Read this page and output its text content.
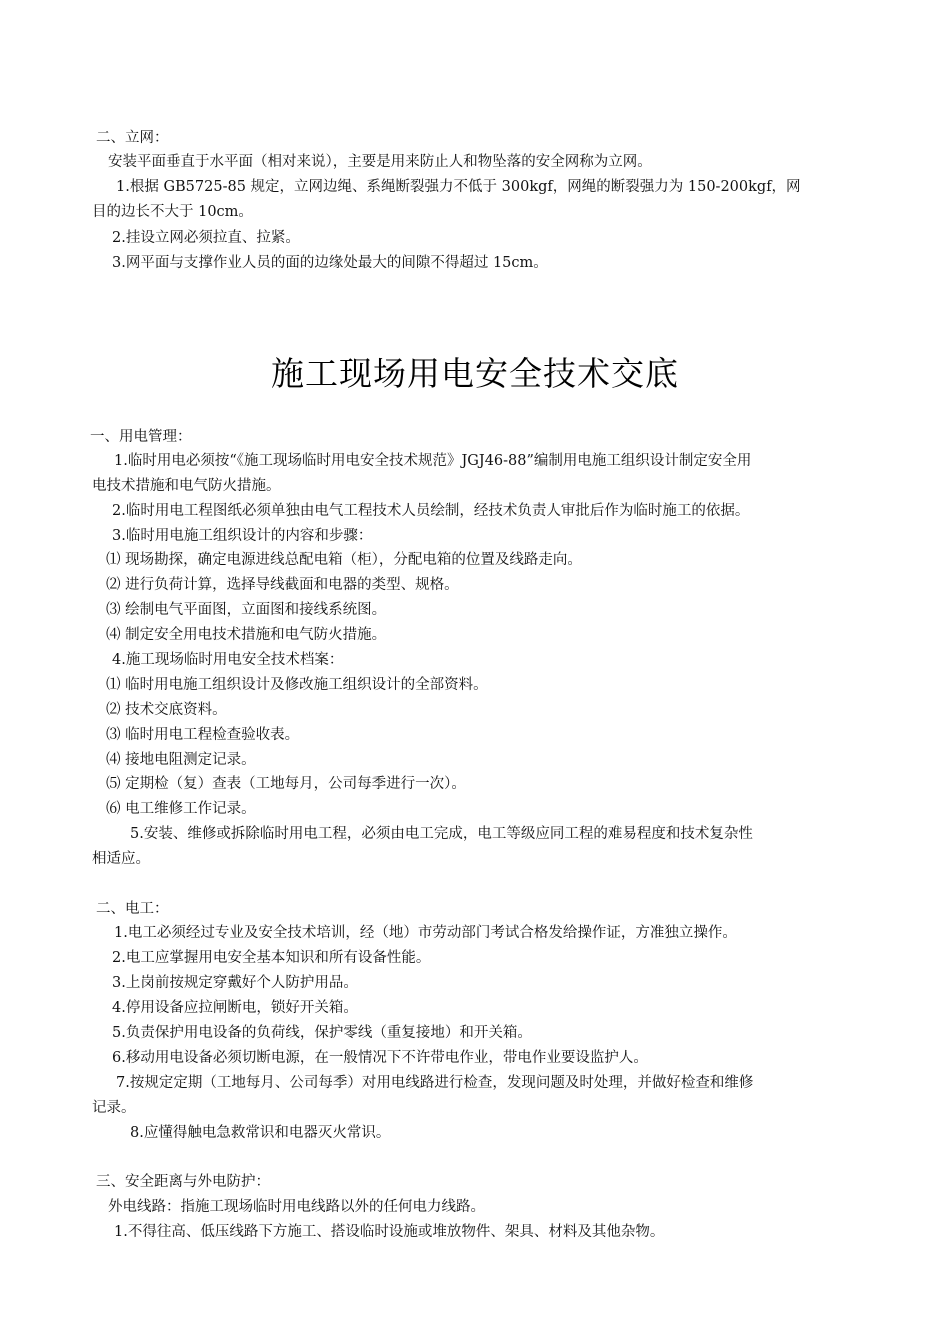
二、立网：
安装平面垂直于水平面（相对来说），主要是用来防止人和物坠落的安全网称为立网。
1.根据 GB5725-85 规定，立网边绳、系绳断裂强力不低于 300kgf，网绳的断裂强力为 150-200kgf，网
目的边长不大于 10cm。
2.挂设立网必须拉直、拉紧。
3.网平面与支撑作业人员的面的边缘处最大的间隙不得超过 15cm。
施工现场用电安全技术交底
一、用电管理：
1.临时用电必须按“《施工现场临时用电安全技术规范》JGJ46-88”编制用电施工组织设计制定安全用
电技术措施和电气防火措施。
2.临时用电工程图纸必须单独由电气工程技术人员绘制，经技术负责人审批后作为临时施工的依据。
3.临时用电施工组织设计的内容和步骤：
⑴ 现场勘探，确定电源进线总配电箱（柜），分配电箱的位置及线路走向。
⑵ 进行负荷计算，选择导线截面和电器的类型、规格。
⑶ 绘制电气平面图，立面图和接线系统图。
⑷ 制定安全用电技术措施和电气防火措施。
4.施工现场临时用电安全技术档案：
⑴ 临时用电施工组织设计及修改施工组织设计的全部资料。
⑵ 技术交底资料。
⑶ 临时用电工程检查验收表。
⑷ 接地电阻测定记录。
⑸ 定期检（复）查表（工地每月，公司每季进行一次）。
⑹ 电工维修工作记录。
5.安装、维修或拆除临时用电工程，必须由电工完成，电工等级应同工程的难易程度和技术复杂性
相适应。
二、电工：
1.电工必须经过专业及安全技术培训，经（地）市劳动部门考试合格发给操作证，方准独立操作。
2.电工应掌握用电安全基本知识和所有设备性能。
3.上岗前按规定穿戴好个人防护用品。
4.停用设备应拉闸断电，锁好开关箱。
5.负责保护用电设备的负荷线，保护零线（重复接地）和开关箱。
6.移动用电设备必须切断电源，在一般情况下不许带电作业，带电作业要设监护人。
7.按规定定期（工地每月、公司每季）对用电线路进行检查，发现问题及时处理，并做好检查和维修
记录。
8.应懂得触电急救常识和电器灭火常识。
三、安全距离与外电防护：
外电线路：指施工现场临时用电线路以外的任何电力线路。
1.不得往高、低压线路下方施工、搭设临时设施或堆放物件、架具、材料及其他杂物。
